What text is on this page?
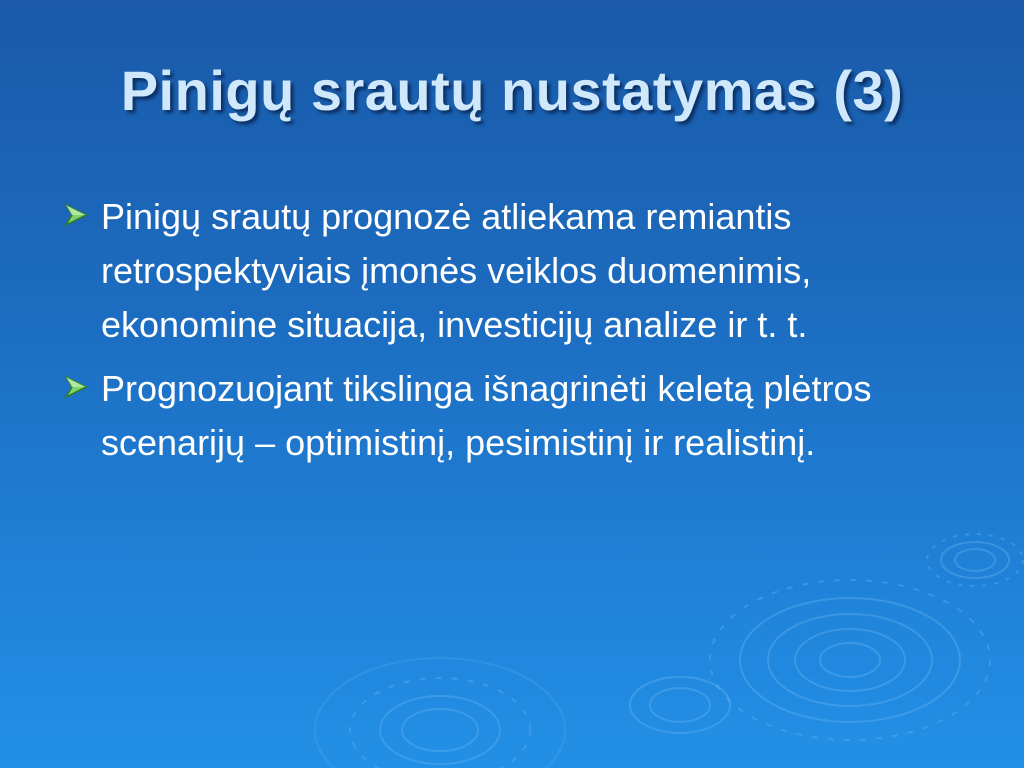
Pinigų srautų nustatymas (3)
Pinigų srautų prognozė atliekama remiantis retrospektyviais įmonės veiklos duomenimis, ekonomine situacija, investicijų analize ir t. t.
Prognozuojant tikslinga išnagrinėti keletą plėtros scenarijų – optimistinį, pesimistinį ir realistinį.
